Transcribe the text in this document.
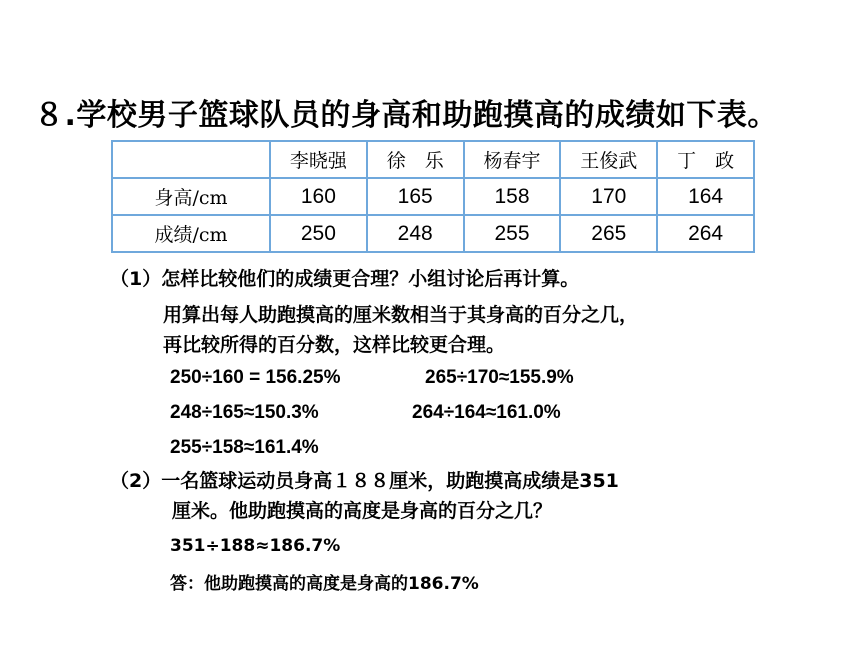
８.学校男子篮球队员的身高和助跑摸高的成绩如下表。
	李晓强	徐　乐	杨春宇	王俊武	丁　政
身高/cm	160	165	158	170	164
成绩/cm	250	248	255	265	264
（1）怎样比较他们的成绩更合理？小组讨论后再计算。
用算出每人助跑摸高的厘米数相当于其身高的百分之几，
再比较所得的百分数，这样比较更合理。
250÷160 = 156.25%	265÷170≈155.9%
248÷165≈150.3%	264÷164≈161.0%
255÷158≈161.4%
（2）一名篮球运动员身高１８８厘米，助跑摸高成绩是351
厘米。他助跑摸高的高度是身高的百分之几？
351÷188≈186.7%
答：他助跑摸高的高度是身高的186.7%
